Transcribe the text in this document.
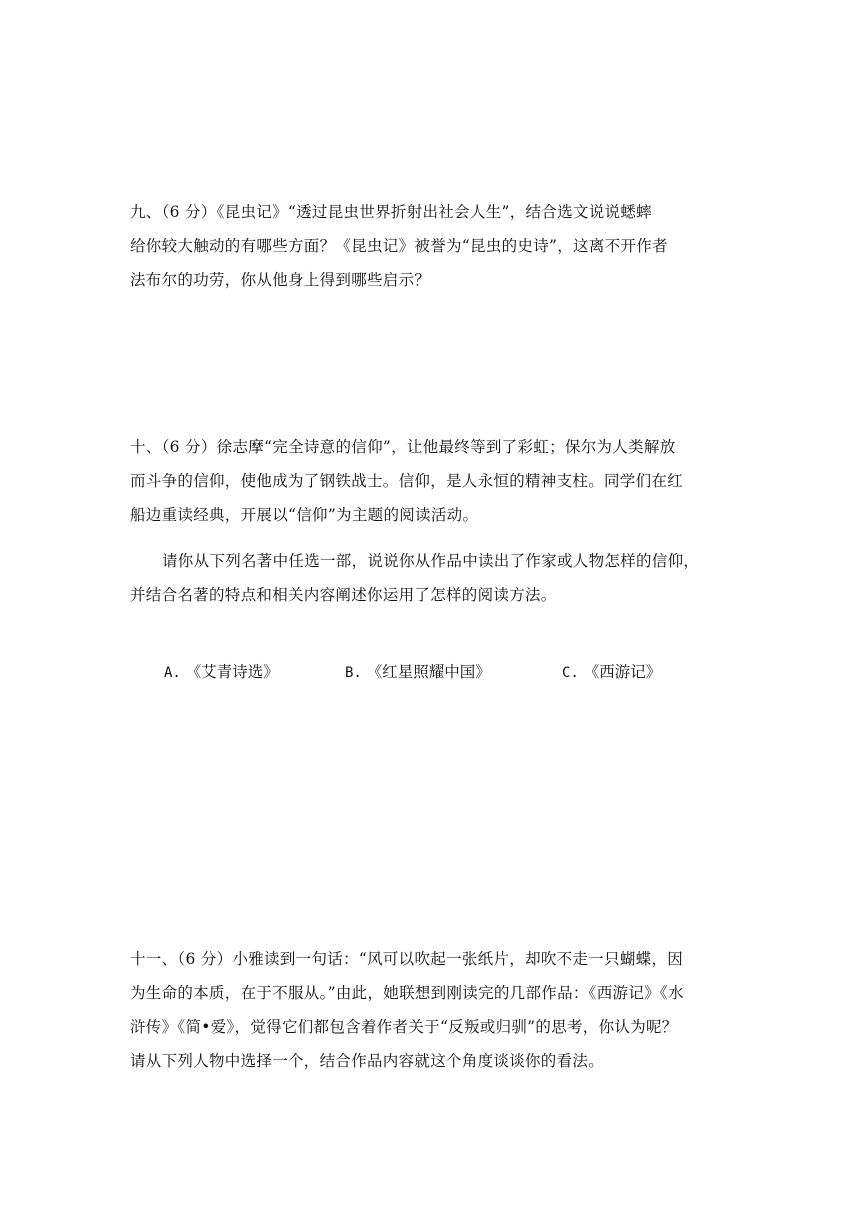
九、（6 分）《昆虫记》“透过昆虫世界折射出社会人生”，结合选文说说蟋蟀
给你较大触动的有哪些方面？《昆虫记》被誉为“昆虫的史诗”，这离不开作者
法布尔的功劳，你从他身上得到哪些启示？
十、（6 分）徐志摩“完全诗意的信仰”，让他最终等到了彩虹；保尔为人类解放
而斗争的信仰，使他成为了钢铁战士。信仰，是人永恒的精神支柱。同学们在红
船边重读经典，开展以“信仰”为主题的阅读活动。
请你从下列名著中任选一部，说说你从作品中读出了作家或人物怎样的信仰，
并结合名著的特点和相关内容阐述你运用了怎样的阅读方法。
A. 《艾青诗选》	B. 《红星照耀中国》	C. 《西游记》
十一、（6 分）小雅读到一句话：“风可以吹起一张纸片，却吹不走一只蝴蝶，因
为生命的本质，在于不服从。”由此，她联想到刚读完的几部作品：《西游记》《水
浒传》《简•爱》，觉得它们都包含着作者关于“反叛或归驯”的思考，你认为呢？
请从下列人物中选择一个，结合作品内容就这个角度谈谈你的看法。
